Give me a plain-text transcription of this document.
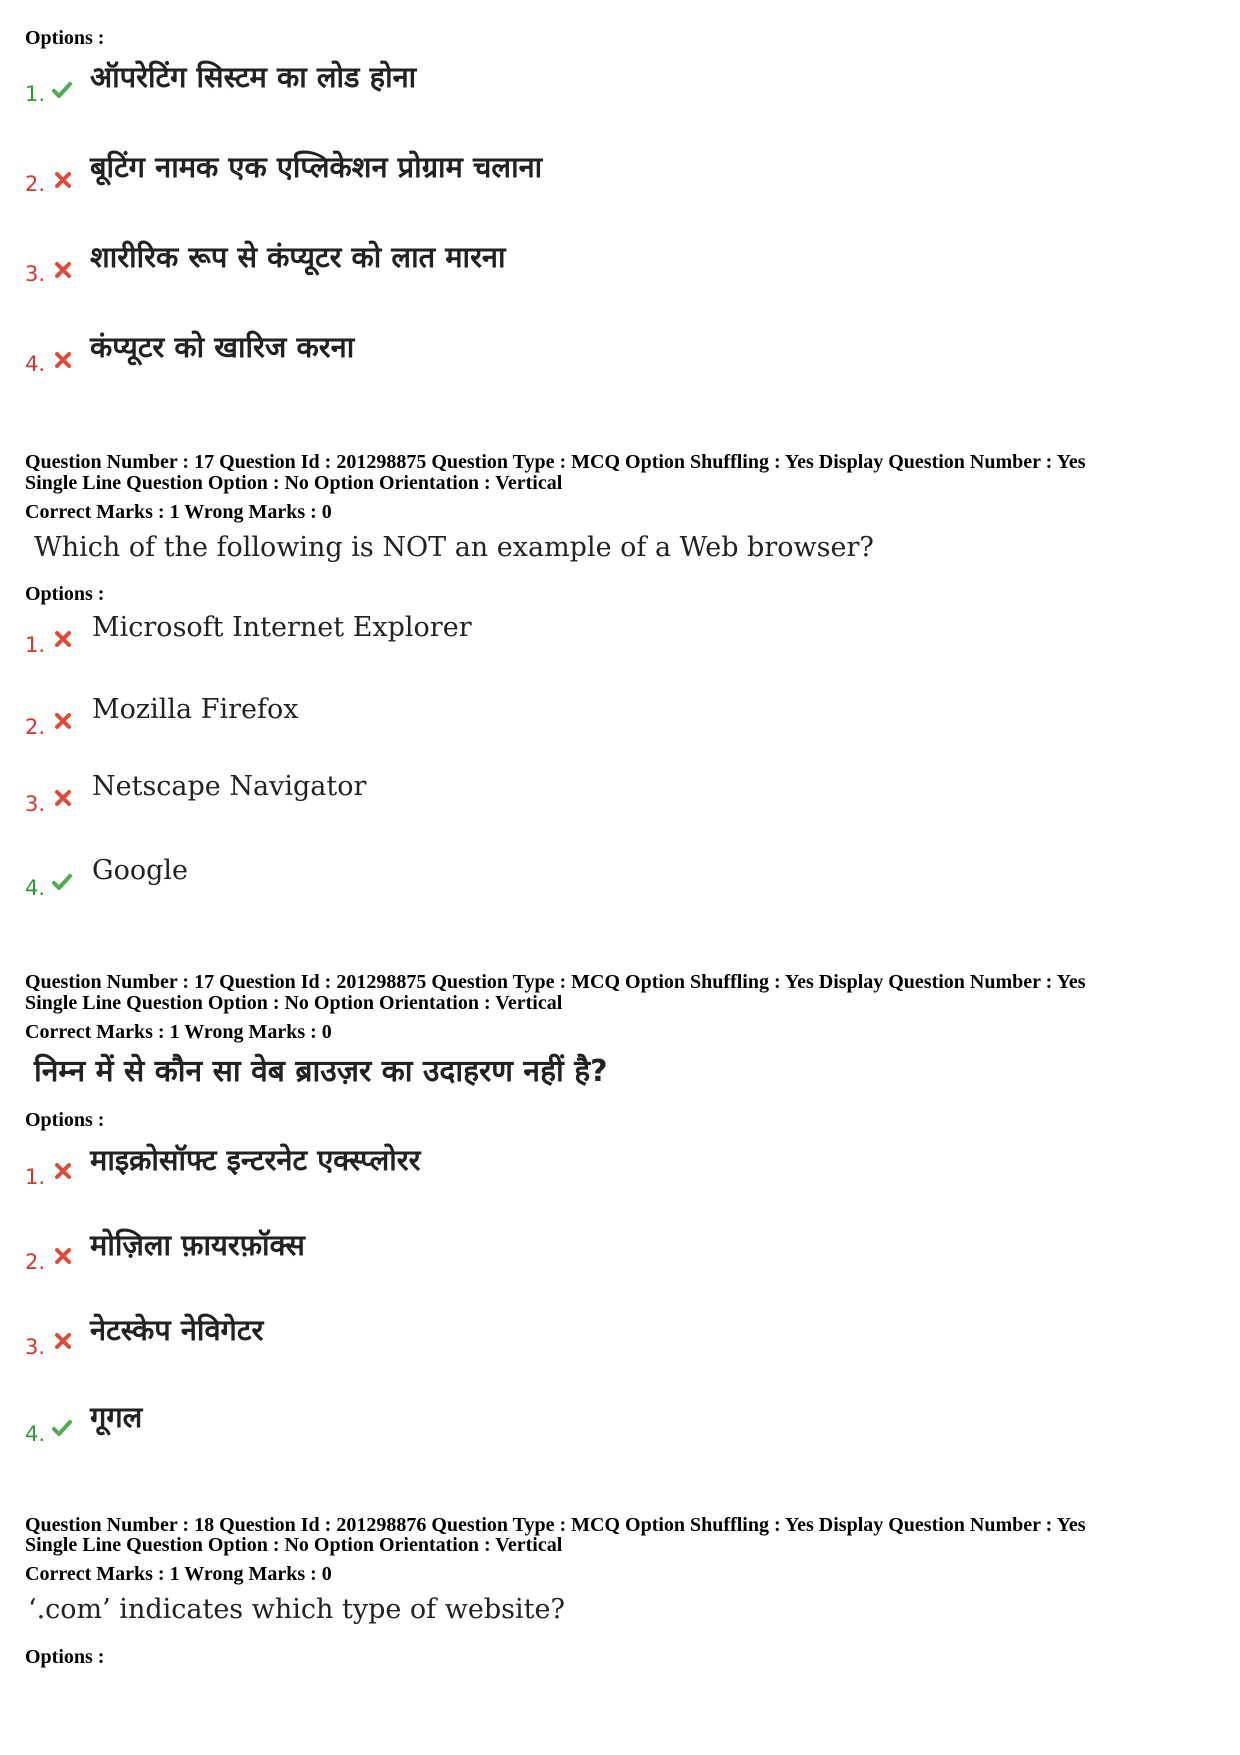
Options :
1. ऑपरेटिंग सिस्टम का लोड होना
2. बूटिंग नामक एक एप्लिकेशन प्रोग्राम चलाना
3. शारीरिक रूप से कंप्यूटर को लात मारना
4. कंप्यूटर को खारिज करना
Question Number : 17 Question Id : 201298875 Question Type : MCQ Option Shuffling : Yes Display Question Number : Yes
Single Line Question Option : No Option Orientation : Vertical
Correct Marks : 1 Wrong Marks : 0
Which of the following is NOT an example of a Web browser?
Options :
1.
Microsoft Internet Explorer
2.
Mozilla Firefox
3.
Netscape Navigator
4.
Google
Question Number : 17 Question Id : 201298875 Question Type : MCQ Option Shuffling : Yes Display Question Number : Yes
Single Line Question Option : No Option Orientation : Vertical
Correct Marks : 1 Wrong Marks : 0
निम्न में से कौन सा वेब ब्राउज़र का उदाहरण नहीं है?
Options :
1. माइक्रोसॉफ्ट इन्टरनेट एक्स्प्लोरर
2. मोज़िला फ़ायरफ़ॉक्स
3. नेटस्केप नेविगेटर
4. गूगल
Question Number : 18 Question Id : 201298876 Question Type : MCQ Option Shuffling : Yes Display Question Number : Yes
Single Line Question Option : No Option Orientation : Vertical
Correct Marks : 1 Wrong Marks : 0
‘.com’ indicates which type of website?
Options :
